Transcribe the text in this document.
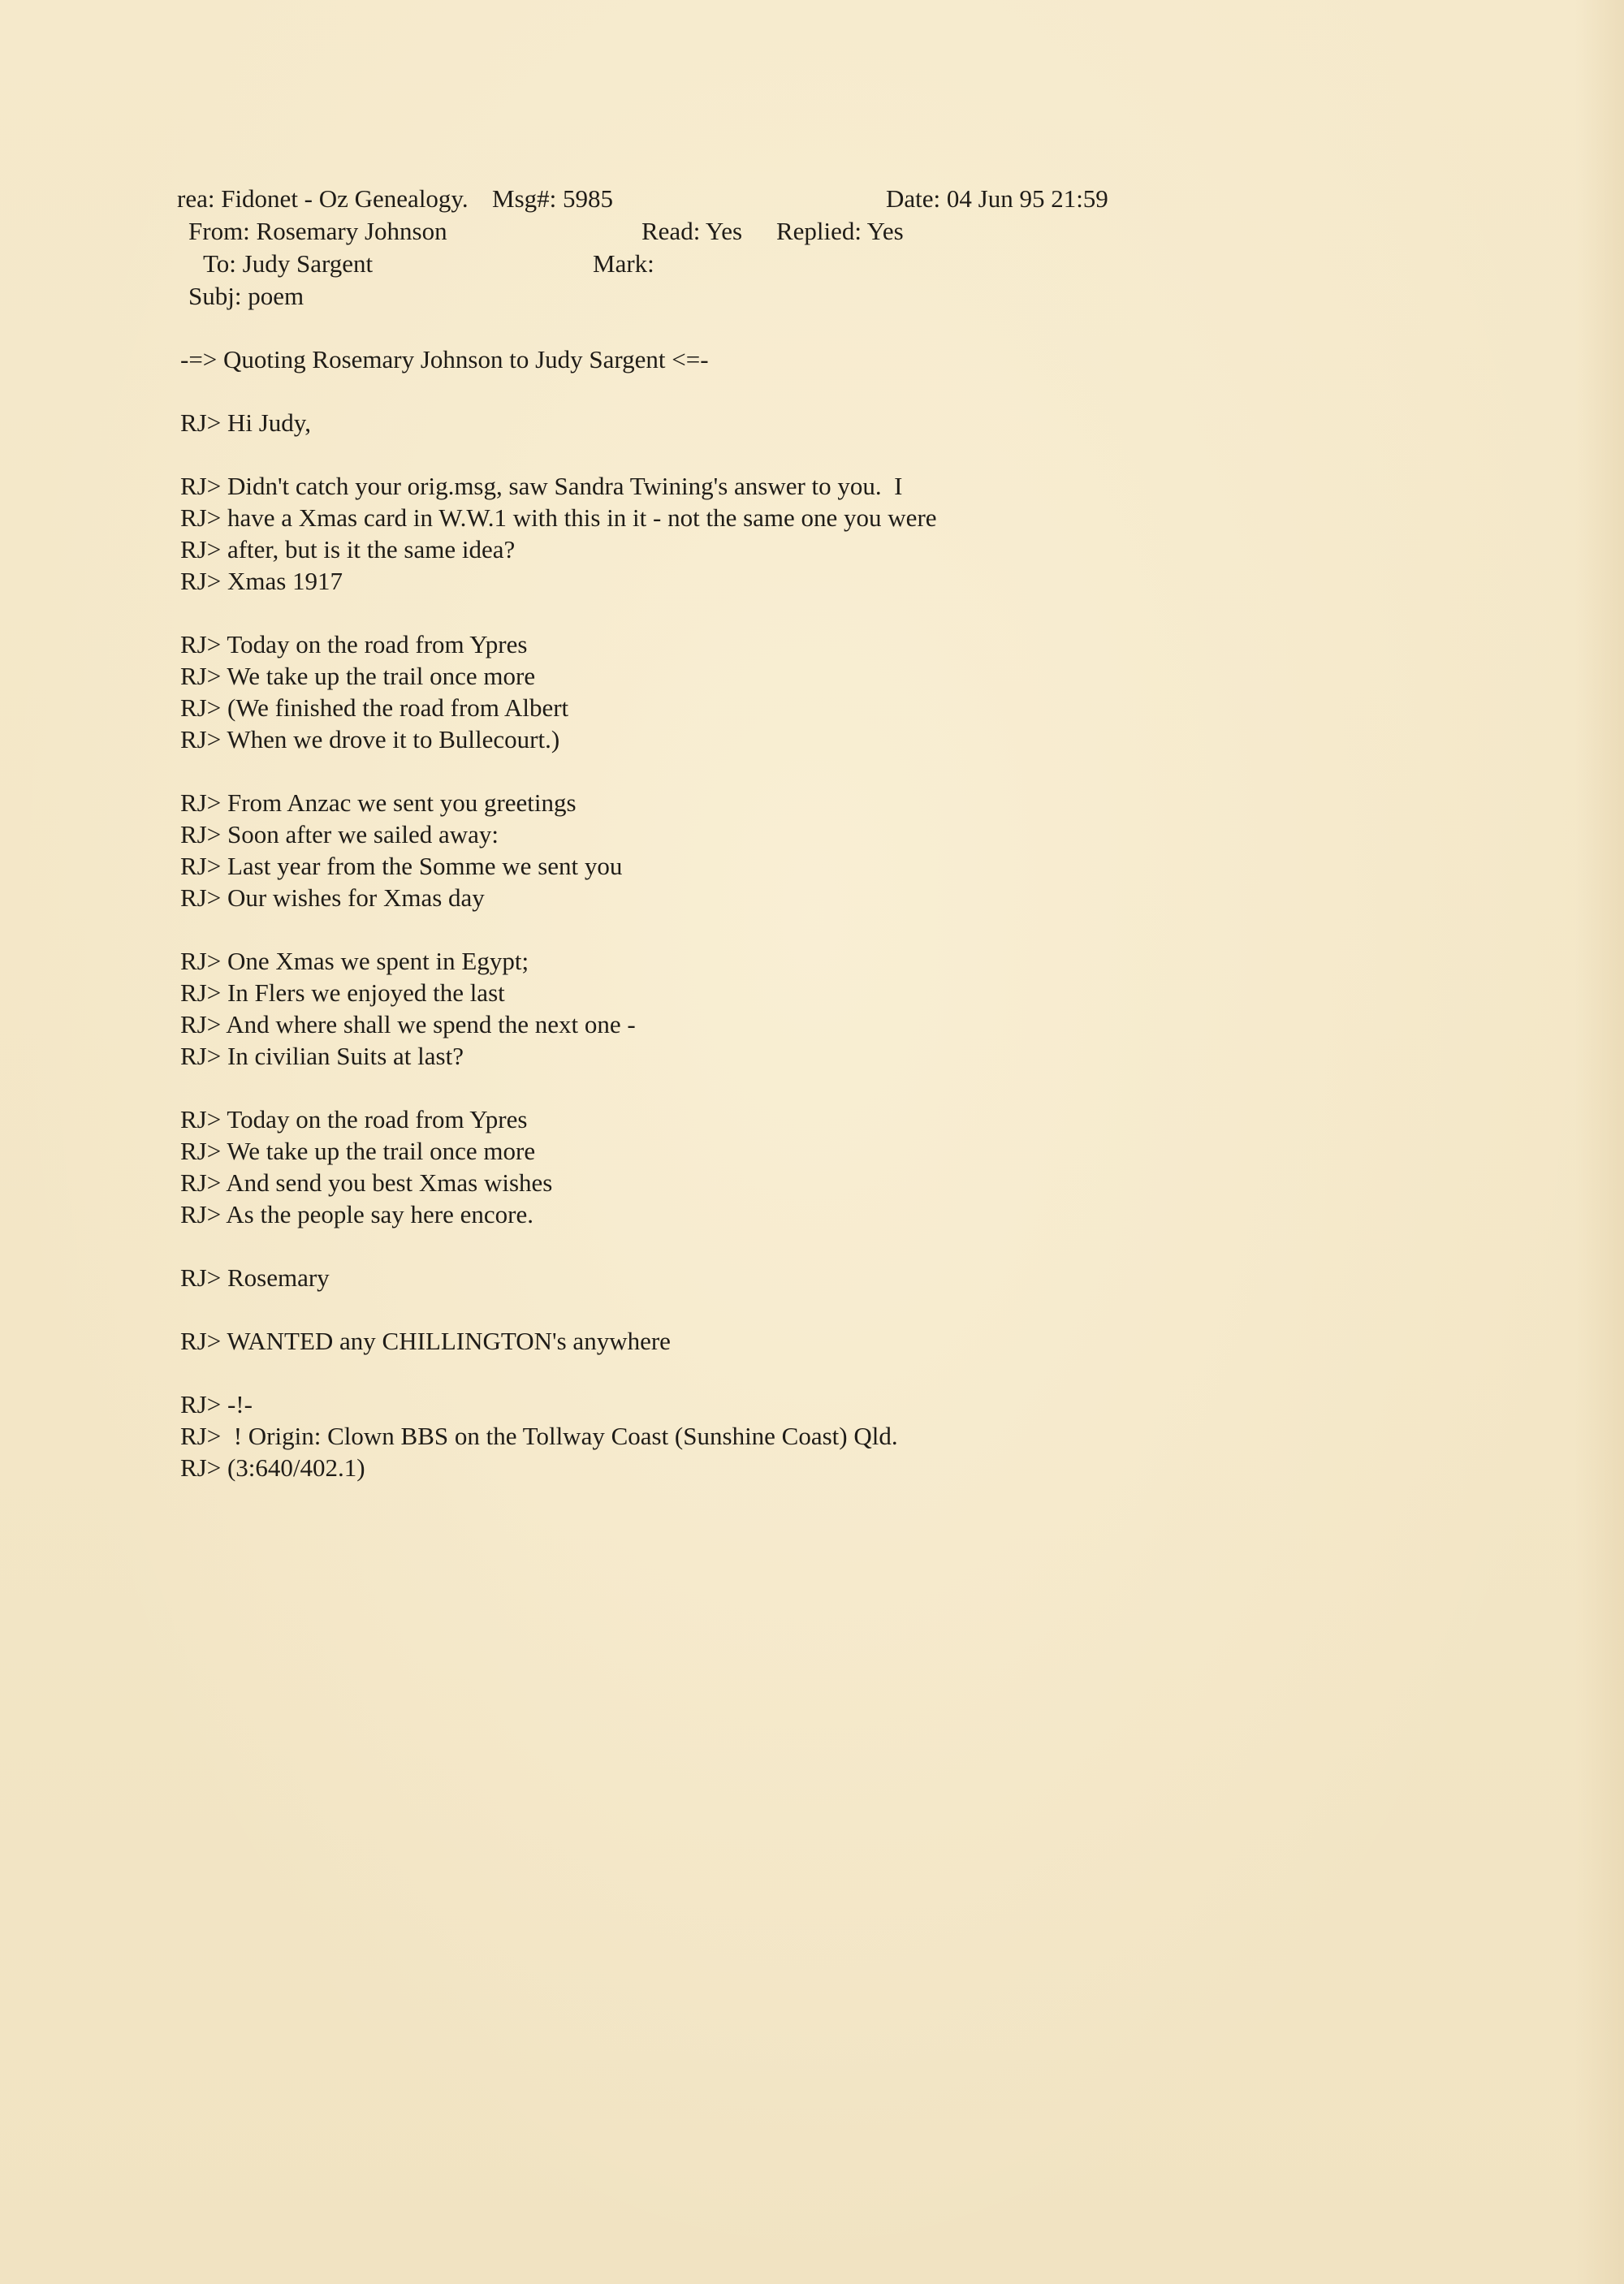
rea: Fidonet - Oz Genealogy. Msg#: 5985	Date: 04 Jun 95 21:59
From: Rosemary Johnson	Read: Yes Replied: Yes
To: Judy Sargent	Mark:
Subj: poem
-=> Quoting Rosemary Johnson to Judy Sargent <=-
RJ> Hi Judy,
RJ> Didn't catch your orig.msg, saw Sandra Twining's answer to you.  I
RJ> have a Xmas card in W.W.1 with this in it - not the same one you were
RJ> after, but is it the same idea?
RJ> Xmas 1917
RJ> Today on the road from Ypres
RJ> We take up the trail once more
RJ> (We finished the road from Albert
RJ> When we drove it to Bullecourt.)
RJ> From Anzac we sent you greetings
RJ> Soon after we sailed away:
RJ> Last year from the Somme we sent you
RJ> Our wishes for Xmas day
RJ> One Xmas we spent in Egypt;
RJ> In Flers we enjoyed the last
RJ> And where shall we spend the next one -
RJ> In civilian Suits at last?
RJ> Today on the road from Ypres
RJ> We take up the trail once more
RJ> And send you best Xmas wishes
RJ> As the people say here encore.
RJ> Rosemary
RJ> WANTED any CHILLINGTON's anywhere
RJ> -!-
RJ>  ! Origin: Clown BBS on the Tollway Coast (Sunshine Coast) Qld.
RJ> (3:640/402.1)
